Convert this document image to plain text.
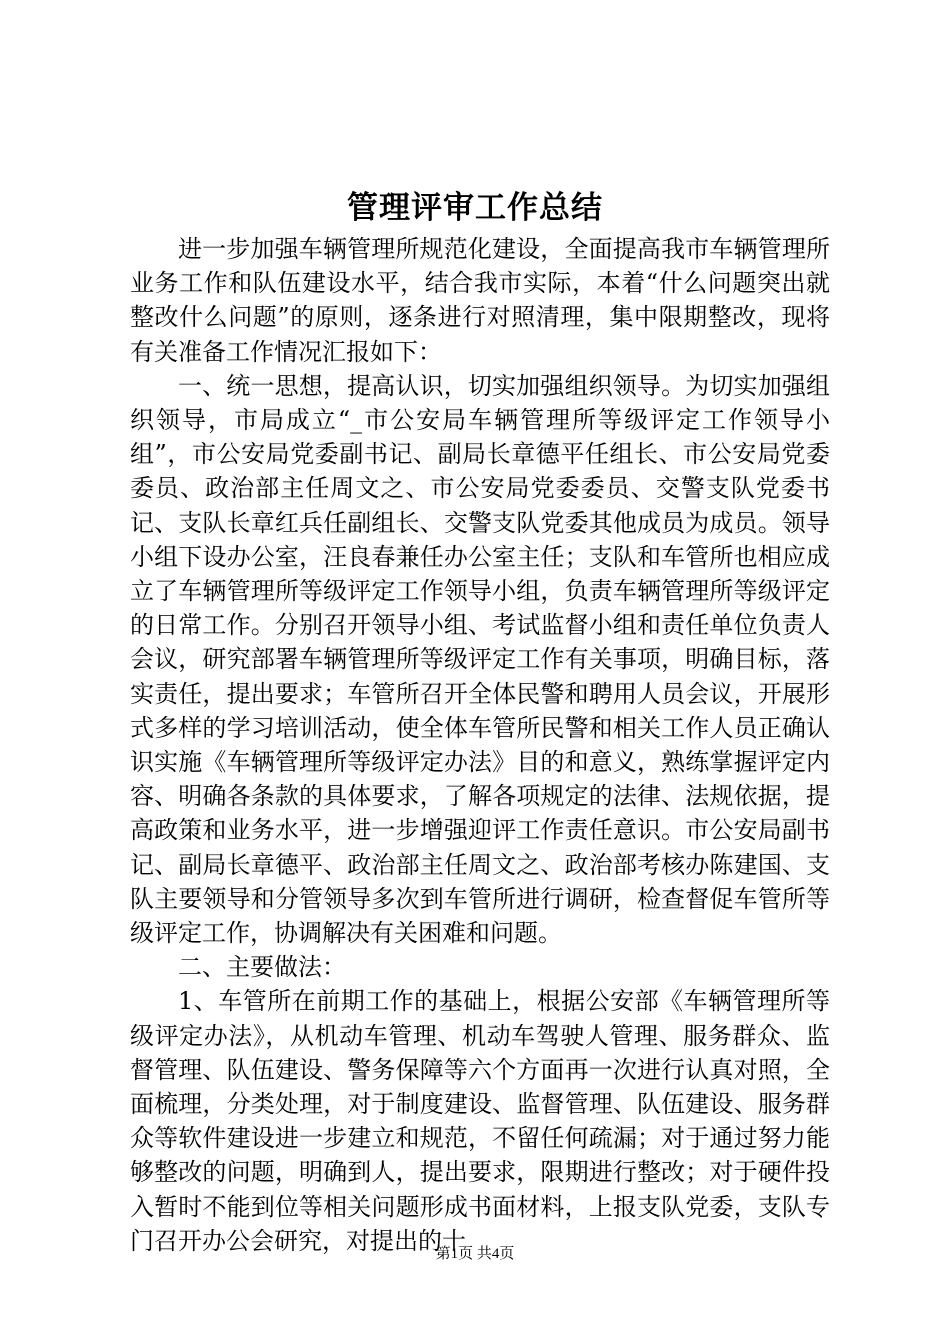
管理评审工作总结

进一步加强车辆管理所规范化建设，全面提高我市车辆管理所业务工作和队伍建设水平，结合我市实际，本着“什么问题突出就整改什么问题”的原则，逐条进行对照清理，集中限期整改，现将有关准备工作情况汇报如下：

一、统一思想，提高认识，切实加强组织领导。为切实加强组织领导，市局成立“_市公安局车辆管理所等级评定工作领导小组”，市公安局党委副书记、副局长章德平任组长、市公安局党委委员、政治部主任周文之、市公安局党委委员、交警支队党委书记、支队长章红兵任副组长、交警支队党委其他成员为成员。领导小组下设办公室，汪良春兼任办公室主任；支队和车管所也相应成立了车辆管理所等级评定工作领导小组，负责车辆管理所等级评定的日常工作。分别召开领导小组、考试监督小组和责任单位负责人会议，研究部署车辆管理所等级评定工作有关事项，明确目标，落实责任，提出要求；车管所召开全体民警和聘用人员会议，开展形式多样的学习培训活动，使全体车管所民警和相关工作人员正确认识实施《车辆管理所等级评定办法》目的和意义，熟练掌握评定内容、明确各条款的具体要求，了解各项规定的法律、法规依据，提高政策和业务水平，进一步增强迎评工作责任意识。市公安局副书记、副局长章德平、政治部主任周文之、政治部考核办陈建国、支队主要领导和分管领导多次到车管所进行调研，检查督促车管所等级评定工作，协调解决有关困难和问题。

二、主要做法：

1、车管所在前期工作的基础上，根据公安部《车辆管理所等级评定办法》，从机动车管理、机动车驾驶人管理、服务群众、监督管理、队伍建设、警务保障等六个方面再一次进行认真对照，全面梳理，分类处理，对于制度建设、监督管理、队伍建设、服务群众等软件建设进一步建立和规范，不留任何疏漏；对于通过努力能够整改的问题，明确到人，提出要求，限期进行整改；对于硬件投入暂时不能到位等相关问题形成书面材料，上报支队党委，支队专门召开办公会研究，对提出的十

第1页 共4页
